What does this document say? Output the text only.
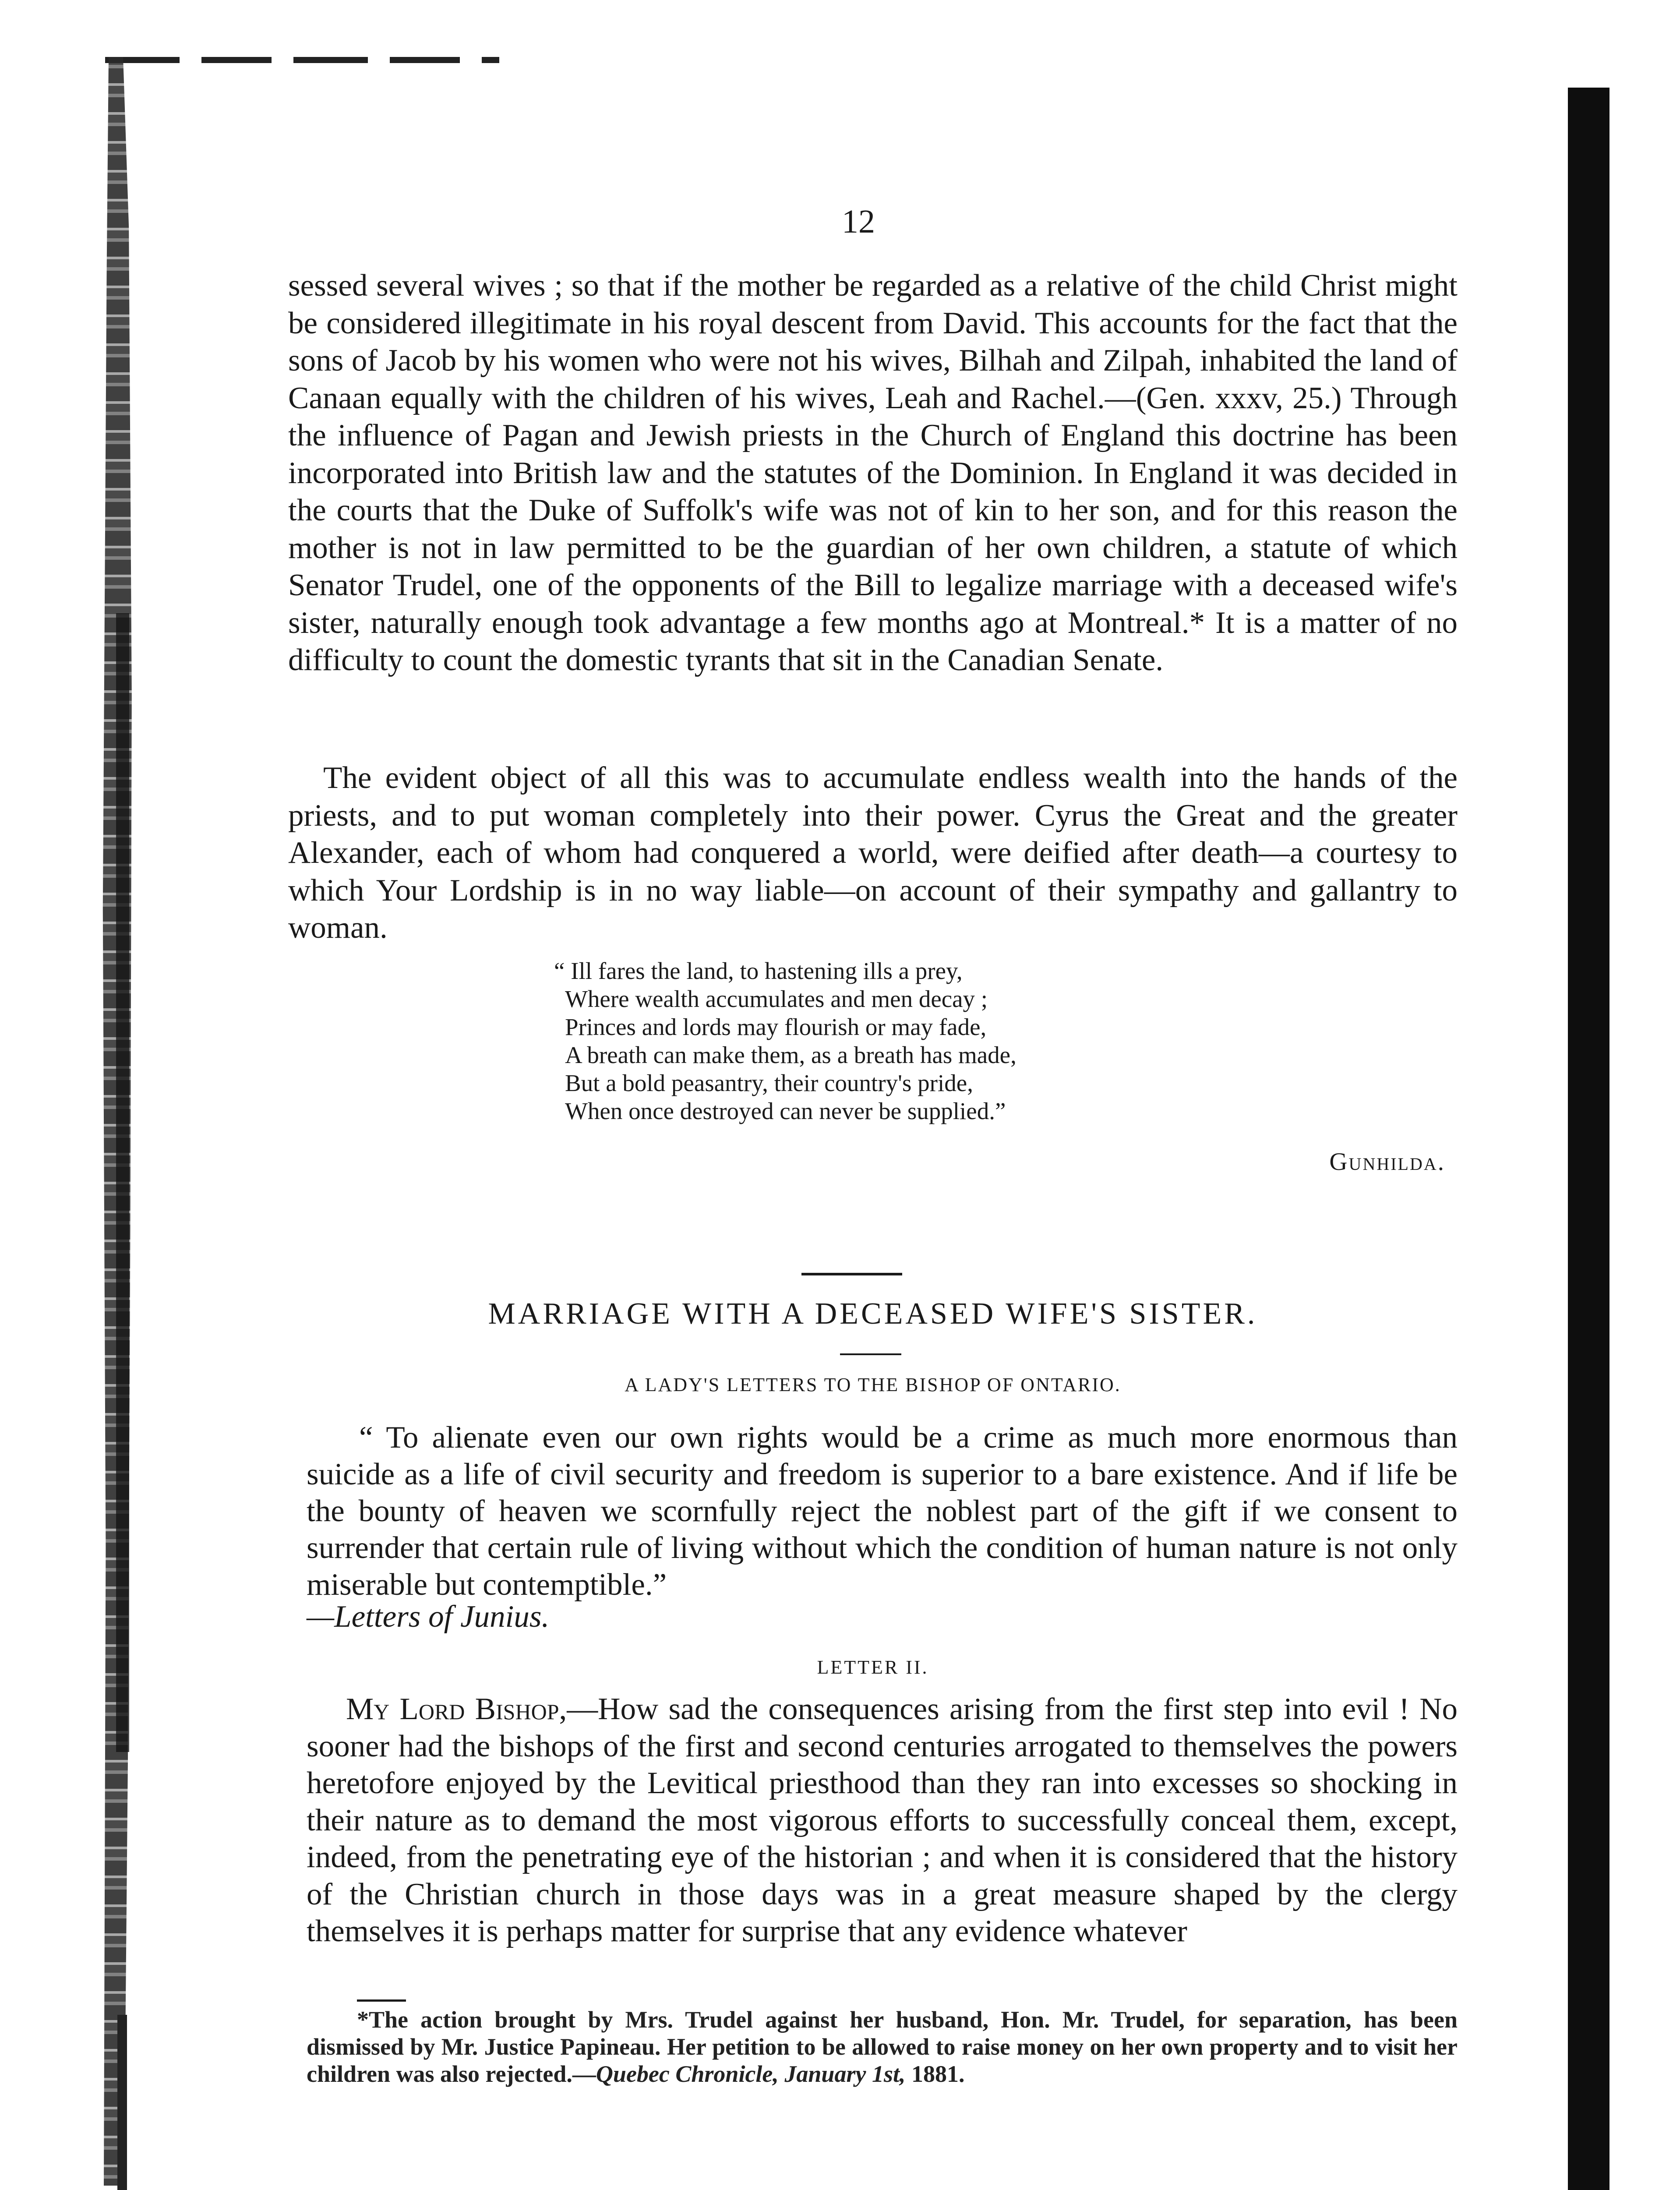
12

sessed several wives ; so that if the mother be regarded as a relative of the child Christ might be considered illegitimate in his royal descent from David. This accounts for the fact that the sons of Jacob by his women who were not his wives, Bilhah and Zilpah, inhabited the land of Canaan equally with the children of his wives, Leah and Rachel.—(Gen. xxxv, 25.) Through the influence of Pagan and Jewish priests in the Church of England this doctrine has been incorporated into British law and the statutes of the Dominion. In England it was decided in the courts that the Duke of Suffolk's wife was not of kin to her son, and for this reason the mother is not in law permitted to be the guardian of her own children, a statute of which Senator Trudel, one of the opponents of the Bill to legalize marriage with a deceased wife's sister, naturally enough took advantage a few months ago at Montreal.* It is a matter of no difficulty to count the domestic tyrants that sit in the Canadian Senate.

The evident object of all this was to accumulate endless wealth into the hands of the priests, and to put woman completely into their power. Cyrus the Great and the greater Alexander, each of whom had conquered a world, were deified after death—a courtesy to which Your Lordship is in no way liable—on account of their sympathy and gallantry to woman.

“ Ill fares the land, to hastening ills a prey,
Where wealth accumulates and men decay ;
Princes and lords may flourish or may fade,
A breath can make them, as a breath has made,
But a bold peasantry, their country's pride,
When once destroyed can never be supplied.”
Gunhilda.
MARRIAGE WITH A DECEASED WIFE'S SISTER.
A LADY'S LETTERS TO THE BISHOP OF ONTARIO.

“ To alienate even our own rights would be a crime as much more enormous than suicide as a life of civil security and freedom is superior to a bare existence. And if life be the bounty of heaven we scornfully reject the noblest part of the gift if we consent to surrender that certain rule of living without which the condition of human nature is not only miserable but contemptible.”

—Letters of Junius.
LETTER II.

My Lord Bishop,—How sad the consequences arising from the first step into evil ! No sooner had the bishops of the first and second centuries arrogated to themselves the powers heretofore enjoyed by the Levitical priesthood than they ran into excesses so shocking in their nature as to demand the most vigorous efforts to successfully conceal them, except, indeed, from the penetrating eye of the historian ; and when it is considered that the history of the Christian church in those days was in a great measure shaped by the clergy themselves it is perhaps matter for surprise that any evidence whatever

*The action brought by Mrs. Trudel against her husband, Hon. Mr. Trudel, for separation, has been dismissed by Mr. Justice Papineau. Her petition to be allowed to raise money on her own property and to visit her children was also rejected.—Quebec Chronicle, January 1st, 1881.
